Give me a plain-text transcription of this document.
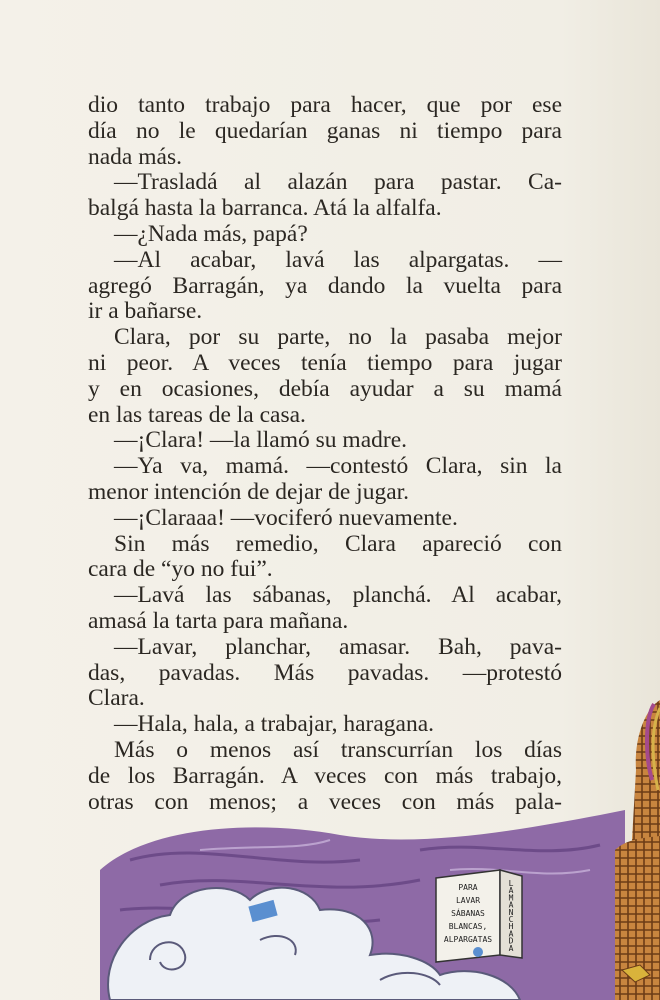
dio tanto trabajo para hacer, que por ese
día no le quedarían ganas ni tiempo para
nada más.
—Trasladá al alazán para pastar. Ca-
balgá hasta la barranca. Atá la alfalfa.
—¿Nada más, papá?
—Al acabar, lavá las alpargatas. —
agregó Barragán, ya dando la vuelta para
ir a bañarse.
Clara, por su parte, no la pasaba mejor
ni peor. A veces tenía tiempo para jugar
y en ocasiones, debía ayudar a su mamá
en las tareas de la casa.
—¡Clara! —la llamó su madre.
—Ya va, mamá. —contestó Clara, sin la
menor intención de dejar de jugar.
—¡Claraaa! —vociferó nuevamente.
Sin más remedio, Clara apareció con
cara de “yo no fui”.
—Lavá las sábanas, planchá. Al acabar,
amasá la tarta para mañana.
—Lavar, planchar, amasar. Bah, pava-
das, pavadas. Más pavadas. —protestó
Clara.
—Hala, hala, a trabajar, haragana.
Más o menos así transcurrían los días
de los Barragán. A veces con más trabajo,
otras con menos; a veces con más pala-
PARA LAVAR SÁBANAS BLANCAS, ALPARGATAS
L A M A N C H A D A
